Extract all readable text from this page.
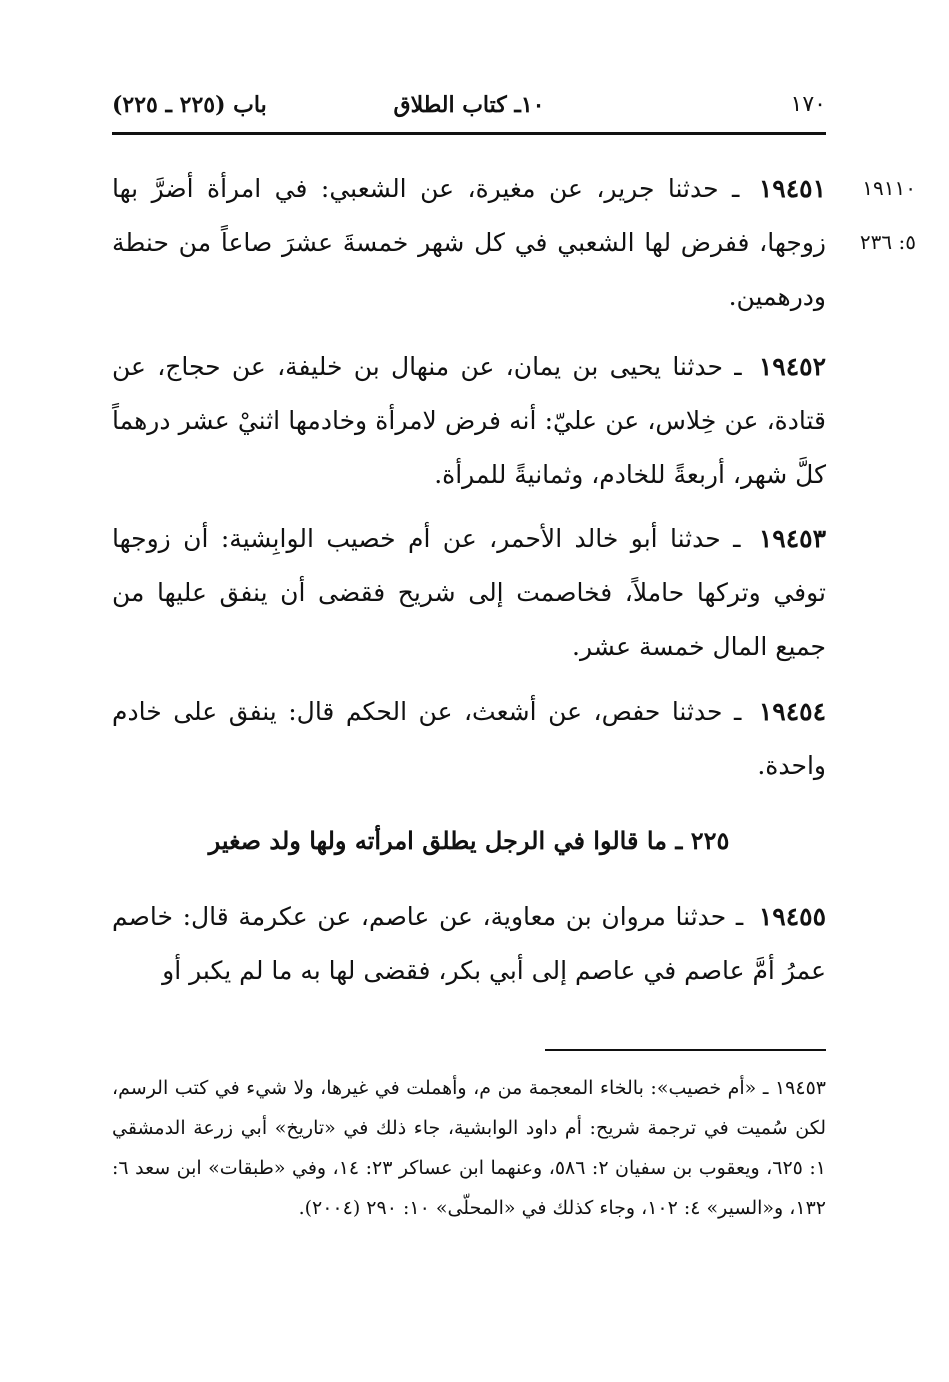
١٧٠
١٠ـ كتاب الطلاق
باب (٢٢٥ ـ ٢٢٥)
١٩١١٠
٥: ٢٣٦

١٩٤٥١ ـ حدثنا جرير، عن مغيرة، عن الشعبي: في امرأة أضرَّ بها زوجها، ففرض لها الشعبي في كل شهر خمسةَ عشرَ صاعاً من حنطة ودرهمين.

١٩٤٥٢ ـ حدثنا يحيى بن يمان، عن منهال بن خليفة، عن حجاج، عن قتادة، عن خِلاس، عن عليّ: أنه فرض لامرأة وخادمها اثنيْ عشر درهماً كلَّ شهر، أربعةً للخادم، وثمانيةً للمرأة.

١٩٤٥٣ ـ حدثنا أبو خالد الأحمر، عن أم خصيب الوابِشية: أن زوجها توفي وتركها حاملاً، فخاصمت إلى شريح فقضى أن ينفق عليها من جميع المال خمسة عشر.

١٩٤٥٤ ـ حدثنا حفص، عن أشعث، عن الحكم قال: ينفق على خادم واحدة.

٢٢٥ ـ ما قالوا في الرجل يطلق امرأته ولها ولد صغير

١٩٤٥٥ ـ حدثنا مروان بن معاوية، عن عاصم، عن عكرمة قال: خاصم عمرُ أمَّ عاصم في عاصم إلى أبي بكر، فقضى لها به ما لم يكبر أو

١٩٤٥٣ ـ «أم خصيب»: بالخاء المعجمة من م، وأهملت في غيرها، ولا شيء في كتب الرسم، لكن سُميت في ترجمة شريح: أم داود الوابشية، جاء ذلك في «تاريخ» أبي زرعة الدمشقي ١: ٦٢٥، ويعقوب بن سفيان ٢: ٥٨٦، وعنهما ابن عساكر ٢٣: ١٤، وفي «طبقات» ابن سعد ٦: ١٣٢، و«السير» ٤: ١٠٢، وجاء كذلك في «المحلّى» ١٠: ٢٩٠ (٢٠٠٤).
